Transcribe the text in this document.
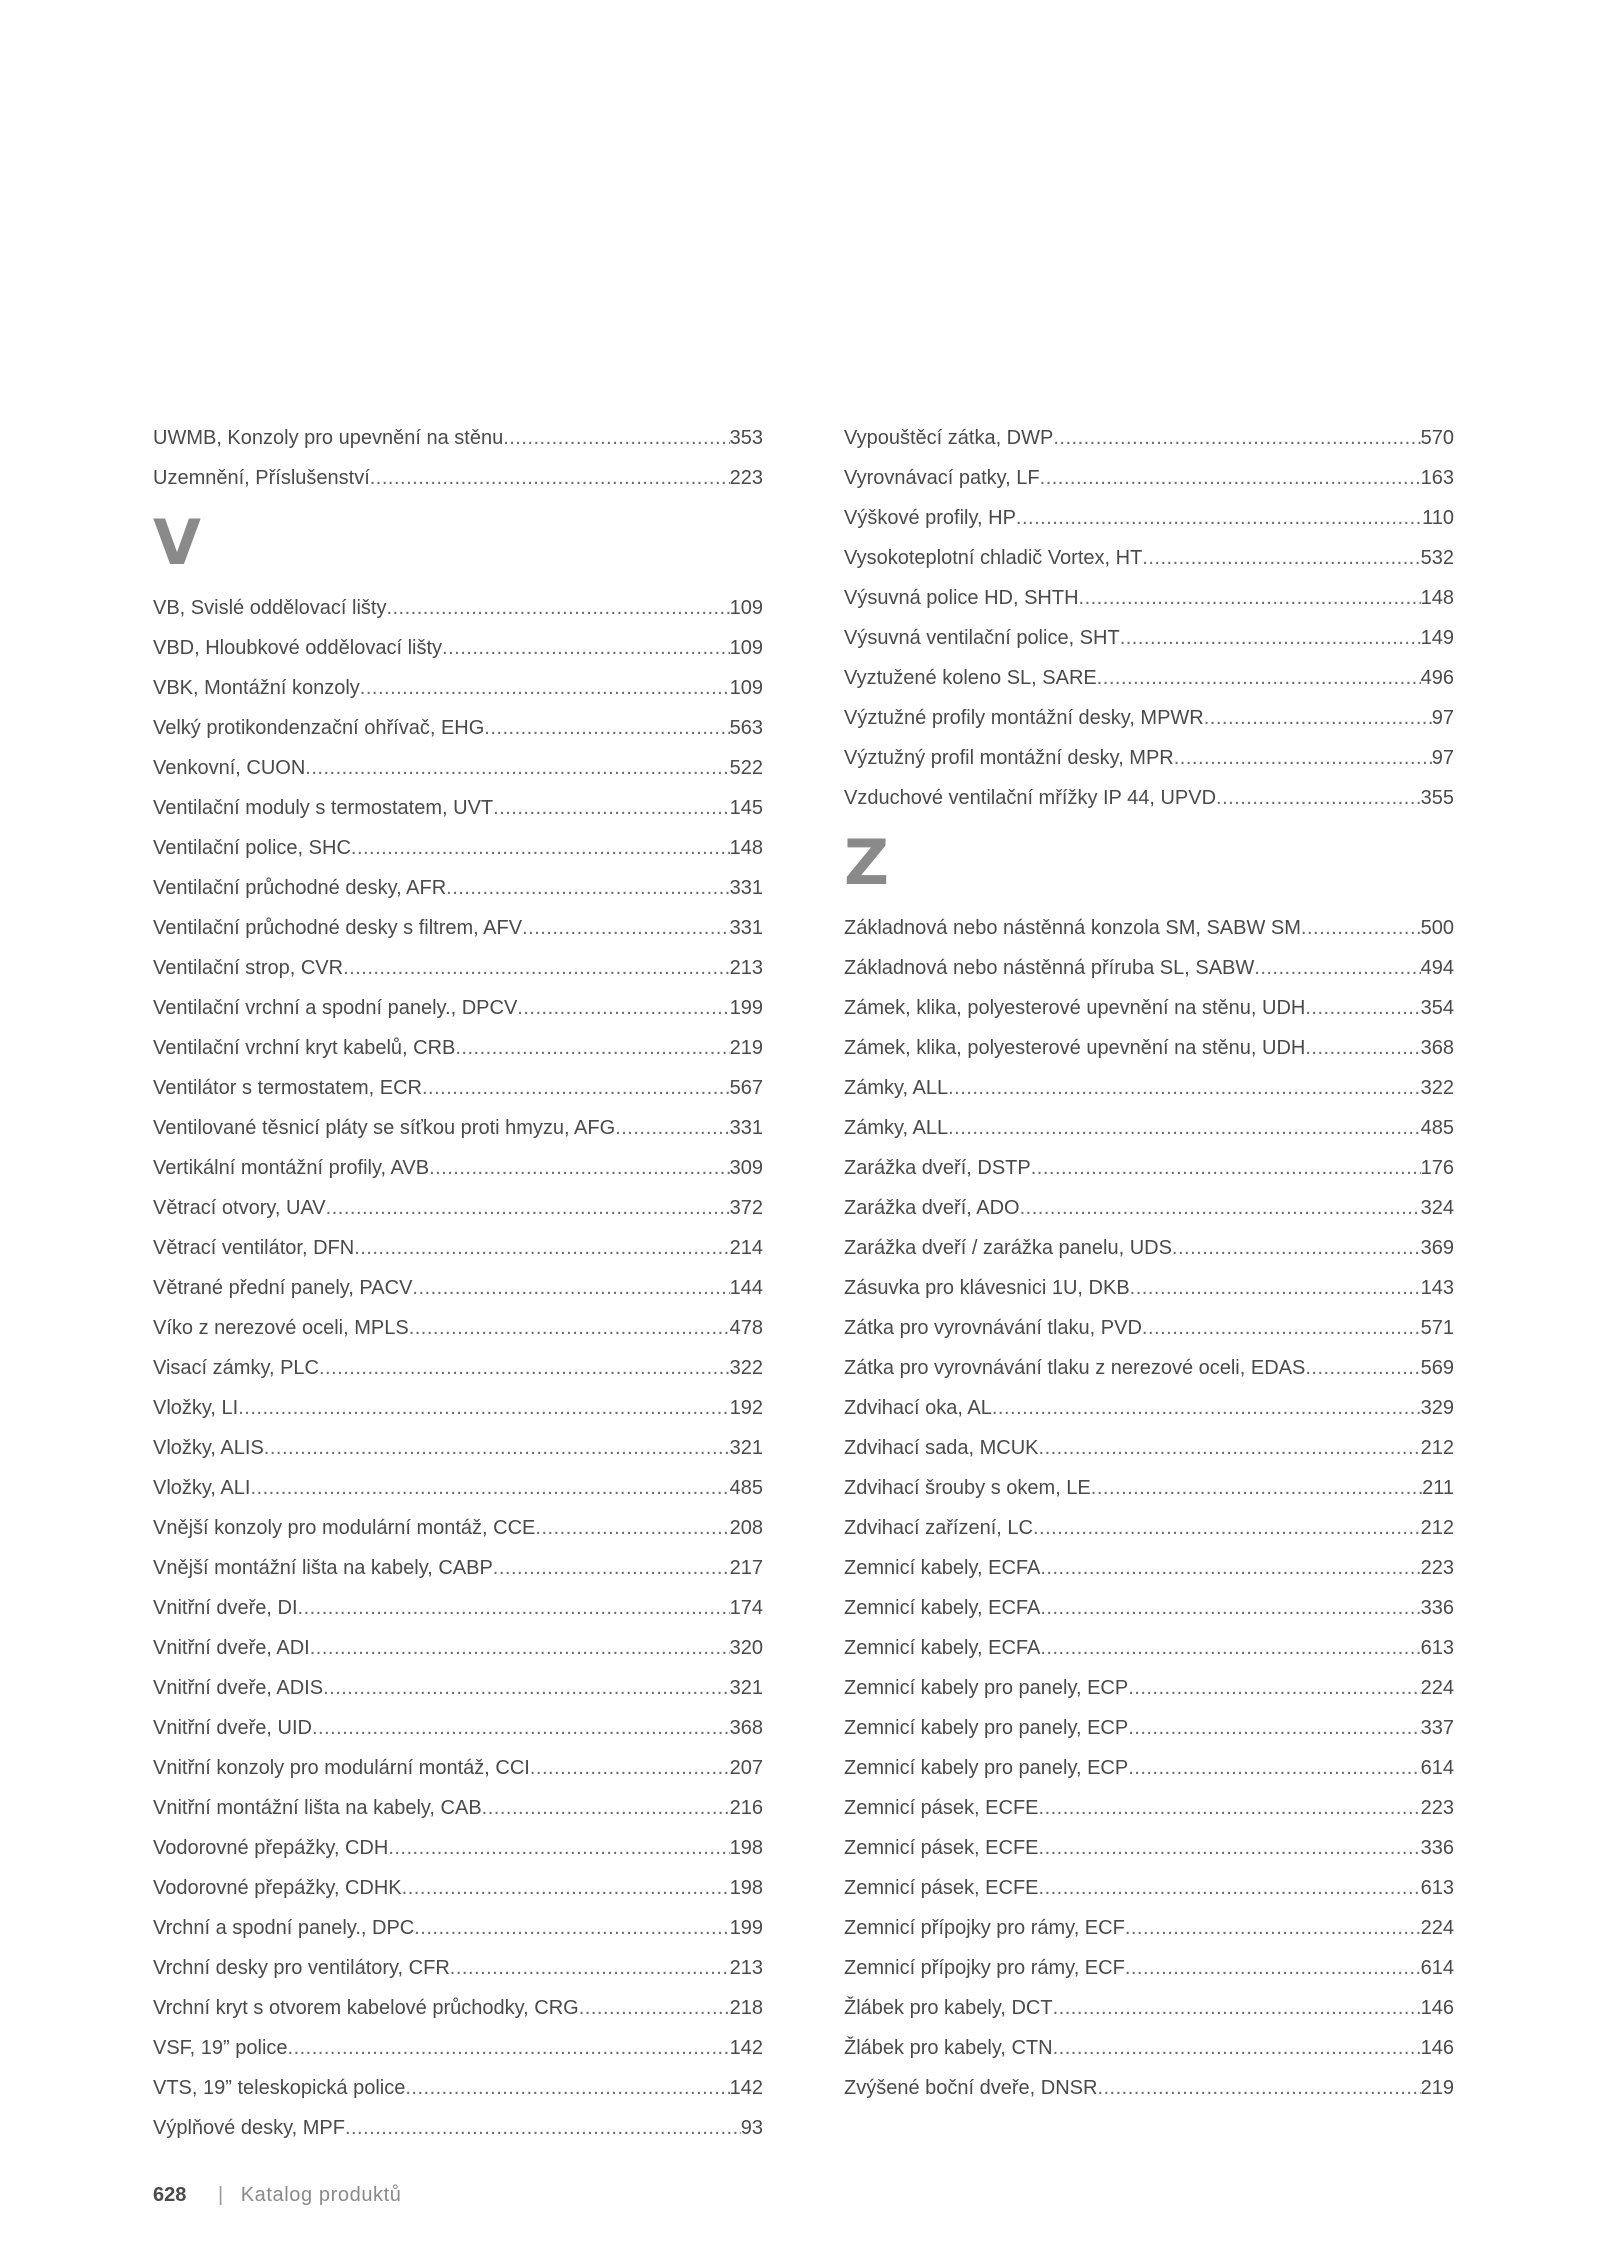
UWMB, Konzoly pro upevnění na stěnu .....	353
Uzemnění, Příslušenství .....	223
V
VB, Svislé oddělovací lišty .....	109
VBD, Hloubkové oddělovací lišty .....	109
VBK, Montážní konzoly .....	109
Velký protikondenzační ohřívač, EHG .....	563
Venkovní, CUON .....	522
Ventilační moduly s termostatem, UVT .....	145
Ventilační police, SHC .....	148
Ventilační průchodné desky, AFR .....	331
Ventilační průchodné desky s filtrem, AFV .....	331
Ventilační strop, CVR .....	213
Ventilační vrchní a spodní panely., DPCV .....	199
Ventilační vrchní kryt kabelů, CRB .....	219
Ventilátor s termostatem, ECR .....	567
Ventilované těsnicí pláty se síťkou proti hmyzu, AFG .....	331
Vertikální montážní profily, AVB .....	309
Větrací otvory, UAV .....	372
Větrací ventilátor, DFN .....	214
Větrané přední panely, PACV .....	144
Víko z nerezové oceli, MPLS .....	478
Visací zámky, PLC .....	322
Vložky, LI .....	192
Vložky, ALIS .....	321
Vložky, ALI .....	485
Vnější konzoly pro modulární montáž, CCE .....	208
Vnější montážní lišta na kabely, CABP .....	217
Vnitřní dveře, DI .....	174
Vnitřní dveře, ADI .....	320
Vnitřní dveře, ADIS .....	321
Vnitřní dveře, UID .....	368
Vnitřní konzoly pro modulární montáž, CCI .....	207
Vnitřní montážní lišta na kabely, CAB .....	216
Vodorovné přepážky, CDH .....	198
Vodorovné přepážky, CDHK .....	198
Vrchní a spodní panely., DPC .....	199
Vrchní desky pro ventilátory, CFR .....	213
Vrchní kryt s otvorem kabelové průchodky, CRG .....	218
VSF, 19” police .....	142
VTS, 19” teleskopická police .....	142
Výplňové desky, MPF .....	93
Vypouštěcí zátka, DWP .....	570
Vyrovnávací patky, LF .....	163
Výškové profily, HP .....	110
Vysokoteplotní chladič Vortex, HT .....	532
Výsuvná police HD, SHTH .....	148
Výsuvná ventilační police, SHT .....	149
Vyztužené koleno SL, SARE .....	496
Výztužné profily montážní desky, MPWR .....	97
Výztužný profil montážní desky, MPR .....	97
Vzduchové ventilační mřížky IP 44, UPVD .....	355
Z
Základnová nebo nástěnná konzola SM, SABW SM .....	500
Základnová nebo nástěnná příruba SL, SABW .....	494
Zámek, klika, polyesterové upevnění na stěnu, UDH .....	354
Zámek, klika, polyesterové upevnění na stěnu, UDH .....	368
Zámky, ALL .....	322
Zámky, ALL .....	485
Zarážka dveří, DSTP .....	176
Zarážka dveří, ADO .....	324
Zarážka dveří / zarážka panelu, UDS .....	369
Zásuvka pro klávesnici 1U, DKB .....	143
Zátka pro vyrovnávání tlaku, PVD .....	571
Zátka pro vyrovnávání tlaku z nerezové oceli, EDAS .....	569
Zdvihací oka, AL .....	329
Zdvihací sada, MCUK .....	212
Zdvihací šrouby s okem, LE .....	211
Zdvihací zařízení, LC .....	212
Zemnicí kabely, ECFA .....	223
Zemnicí kabely, ECFA .....	336
Zemnicí kabely, ECFA .....	613
Zemnicí kabely pro panely, ECP .....	224
Zemnicí kabely pro panely, ECP .....	337
Zemnicí kabely pro panely, ECP .....	614
Zemnicí pásek, ECFE .....	223
Zemnicí pásek, ECFE .....	336
Zemnicí pásek, ECFE .....	613
Zemnicí přípojky pro rámy, ECF .....	224
Zemnicí přípojky pro rámy, ECF .....	614
Žlábek pro kabely, DCT .....	146
Žlábek pro kabely, CTN .....	146
Zvýšené boční dveře, DNSR .....	219
628 | Katalog produktů
